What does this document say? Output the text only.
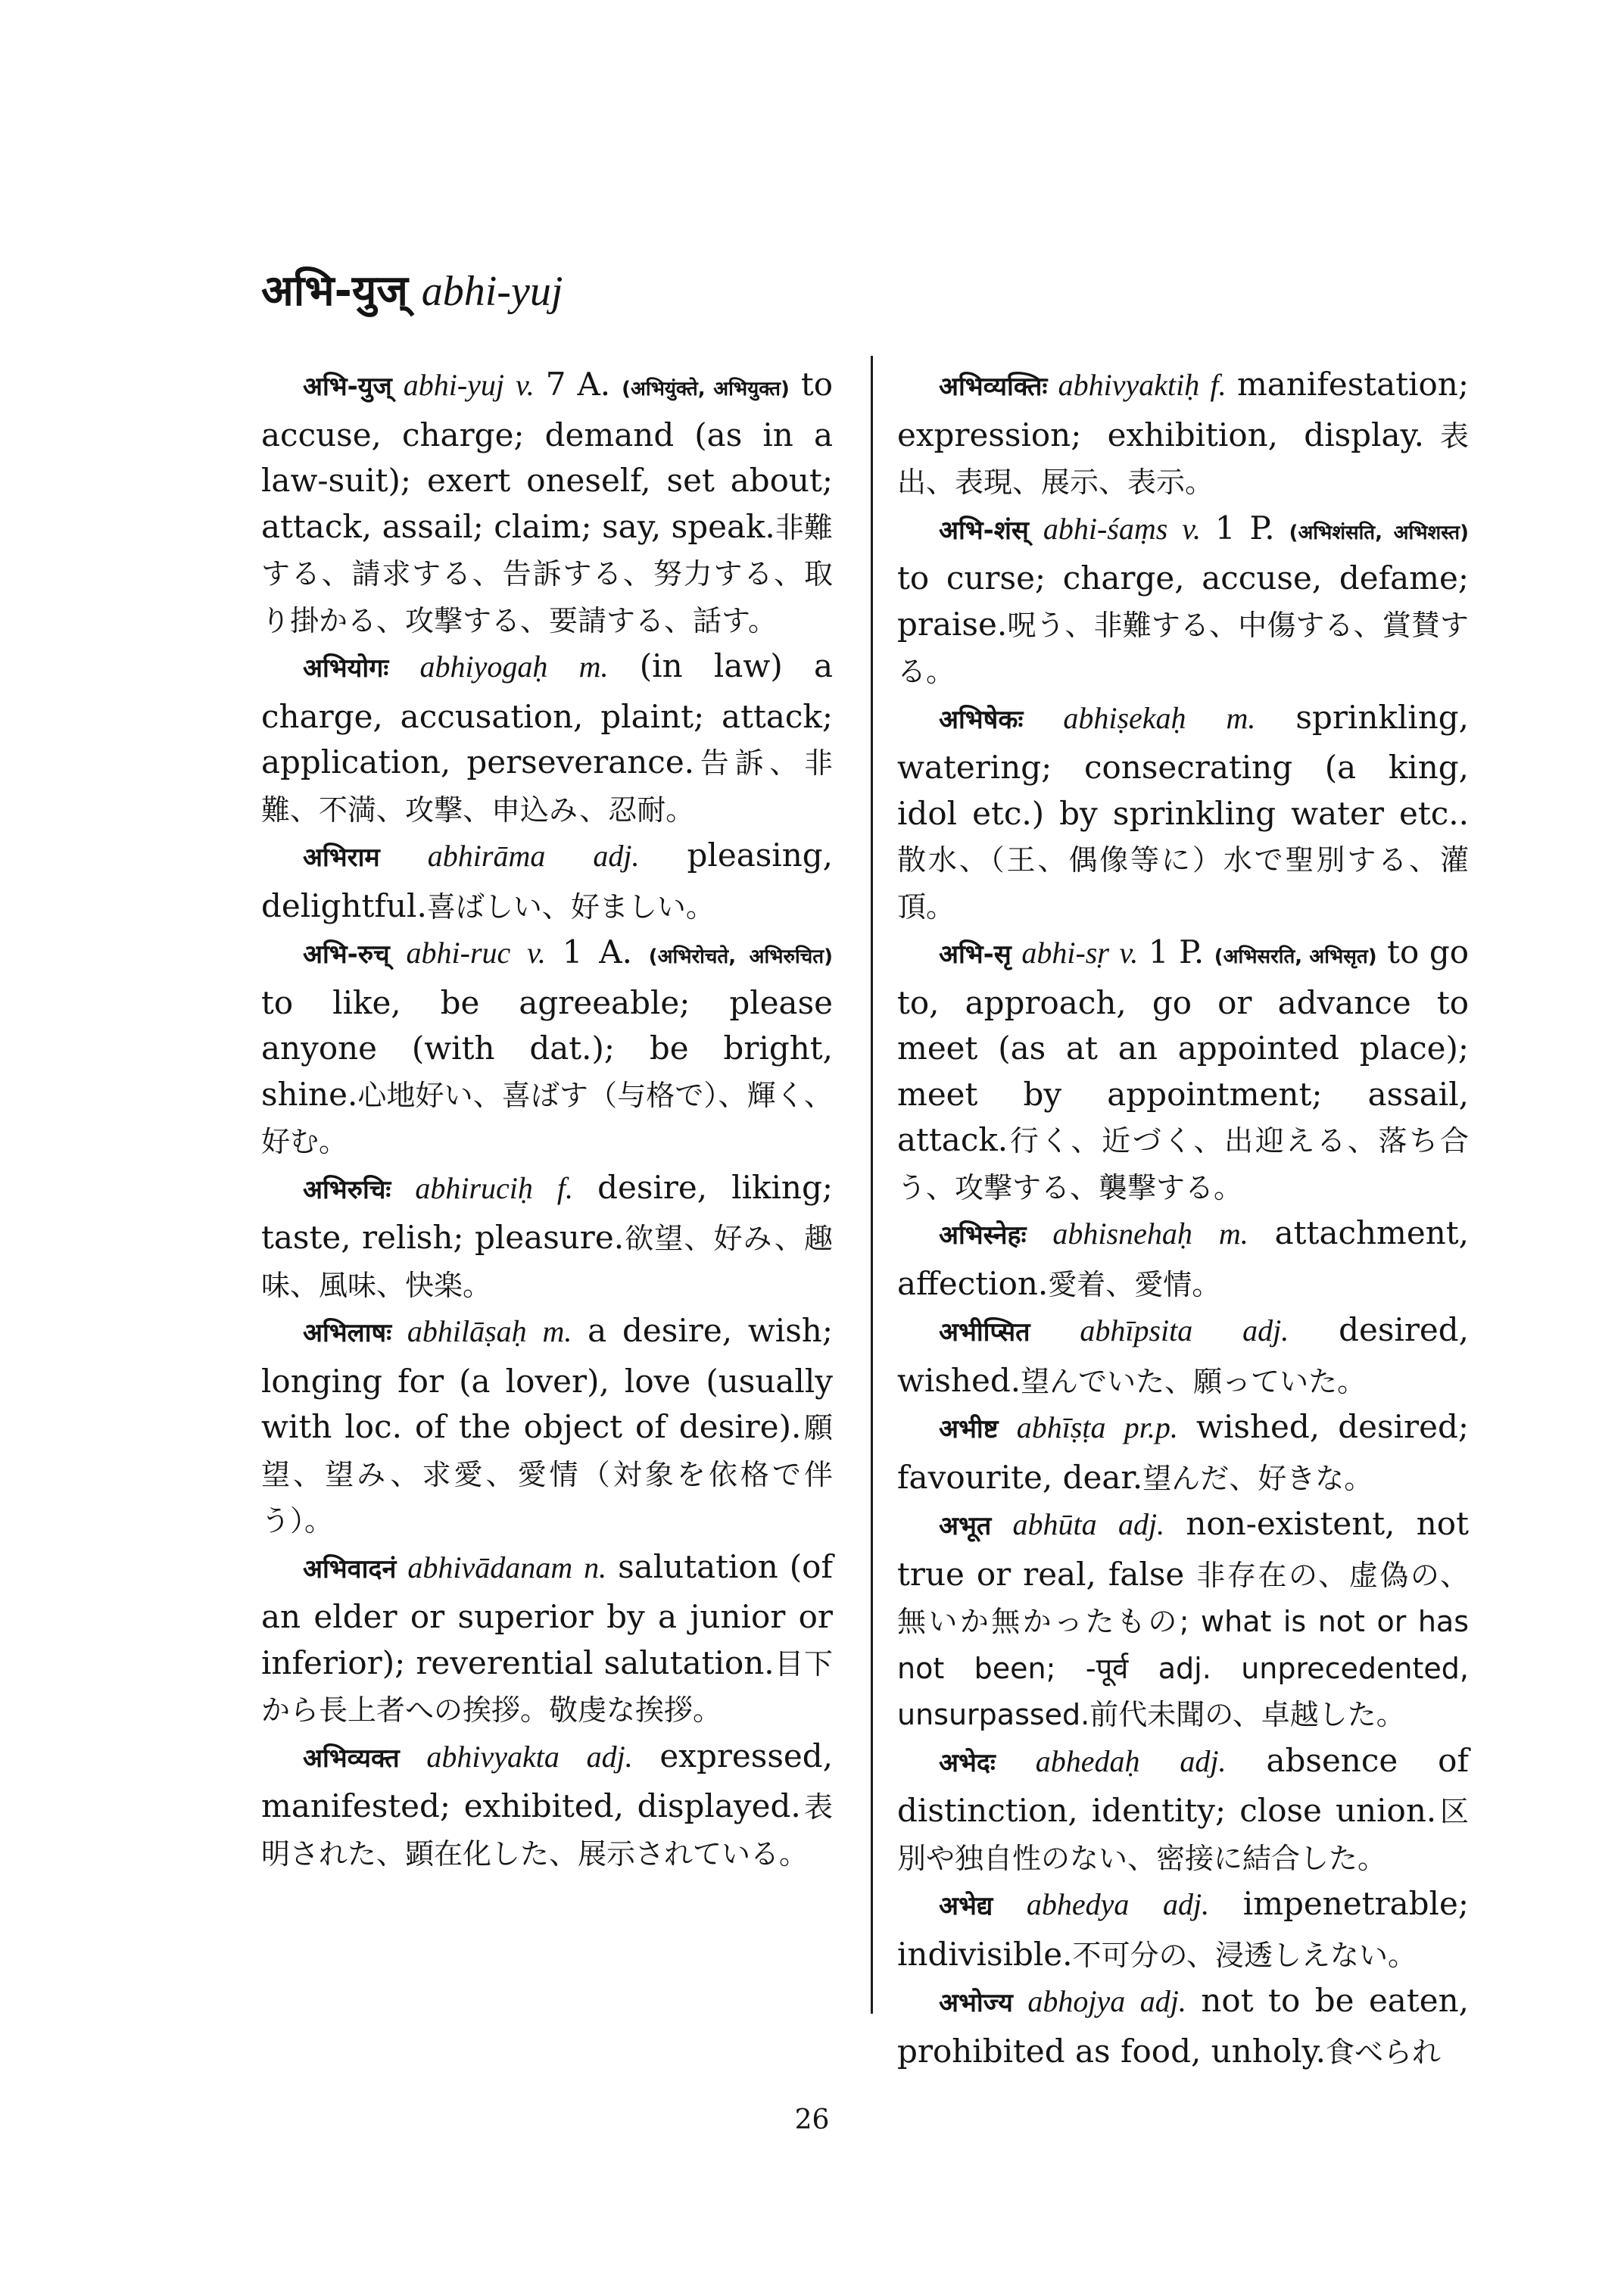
अभि-युज् abhi-yuj

अभि-युज् abhi-yuj v. 7 A. (अभियुंक्ते, अभियुक्त) to accuse, charge; demand (as in a law-suit); exert oneself, set about; attack, assail; claim; say, speak.非難する、請求する、告訴する、努力する、取り掛かる、攻撃する、要請する、話す。

अभियोगः abhiyogaḥ m. (in law) a charge, accusation, plaint; attack; application, perseverance.告訴、非難、不満、攻撃、申込み、忍耐。

अभिराम abhirāma adj. pleasing, delightful.喜ばしい、好ましい。

अभि-रुच् abhi-ruc v. 1 A. (अभिरोचते, अभिरुचित) to like, be agreeable; please anyone (with dat.); be bright, shine.心地好い、喜ばす（与格で）、輝く、好む。

अभिरुचिः abhiruciḥ f. desire, liking; taste, relish; pleasure.欲望、好み、趣味、風味、快楽。

अभिलाषः abhilāṣaḥ m. a desire, wish; longing for (a lover), love (usually with loc. of the object of desire).願望、望み、求愛、愛情（対象を依格で伴う）。

अभिवादनं abhivādanam n. salutation (of an elder or superior by a junior or inferior); reverential salutation.目下から長上者への挨拶。敬虔な挨拶。

अभिव्यक्त abhivyakta adj. expressed, manifested; exhibited, displayed.表明された、顕在化した、展示されている。

अभिव्यक्तिः abhivyaktiḥ f. manifestation; expression; exhibition, display.表出、表現、展示、表示。

अभि-शंस् abhi-śaṃs v. 1 P. (अभिशंसति, अभिशस्त) to curse; charge, accuse, defame; praise.呪う、非難する、中傷する、賞賛する。

अभिषेकः abhiṣekaḥ m. sprinkling, watering; consecrating (a king, idol etc.) by sprinkling water etc..散水、（王、偶像等に）水で聖別する、灌頂。

अभि-सृ abhi-sṛ v. 1 P. (अभिसरति, अभिसृत) to go to, approach, go or advance to meet (as at an appointed place); meet by appointment; assail, attack.行く、近づく、出迎える、落ち合う、攻撃する、襲撃する。

अभिस्नेहः abhisnehaḥ m. attachment, affection.愛着、愛情。

अभीप्सित abhīpsita adj. desired, wished.望んでいた、願っていた。

अभीष्ट abhīṣṭa pr.p. wished, desired; favourite, dear.望んだ、好きな。

अभूत abhūta adj. non-existent, not true or real, false 非存在の、虚偽の、無いか無かったもの; what is not or has not been; -पूर्व adj. unprecedented, unsurpassed.前代未聞の、卓越した。

अभेदः abhedaḥ adj. absence of distinction, identity; close union.区別や独自性のない、密接に結合した。

अभेद्य abhedya adj. impenetrable; indivisible.不可分の、浸透しえない。

अभोज्य abhojya adj. not to be eaten, prohibited as food, unholy.食べられ

26
